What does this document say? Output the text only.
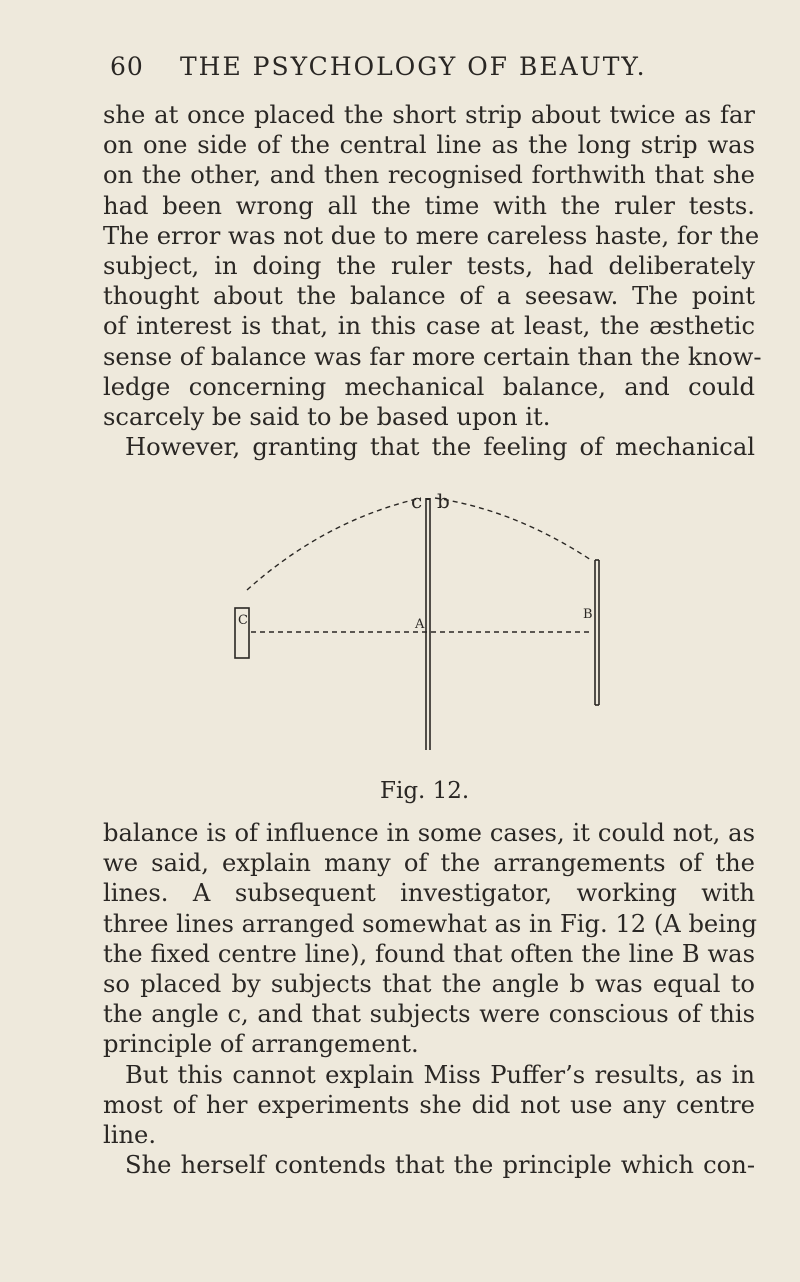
60 THE PSYCHOLOGY OF BEAUTY.
she at once placed the short strip about twice as far
on one side of the central line as the long strip was
on the other, and then recognised forthwith that she
had been wrong all the time with the ruler tests.
The error was not due to mere careless haste, for the
subject, in doing the ruler tests, had deliberately
thought about the balance of a seesaw. The point
of interest is that, in this case at least, the æsthetic
sense of balance was far more certain than the know-
ledge concerning mechanical balance, and could
scarcely be said to be based upon it.
However, granting that the feeling of mechanical
c b
C	A
B
Fig. 12.
balance is of influence in some cases, it could not, as
we said, explain many of the arrangements of the
lines. A subsequent investigator, working with
three lines arranged somewhat as in Fig. 12 (A being
the fixed centre line), found that often the line B was
so placed by subjects that the angle b was equal to
the angle c, and that subjects were conscious of this
principle of arrangement.
But this cannot explain Miss Puffer’s results, as in
most of her experiments she did not use any centre
line.
She herself contends that the principle which con-
